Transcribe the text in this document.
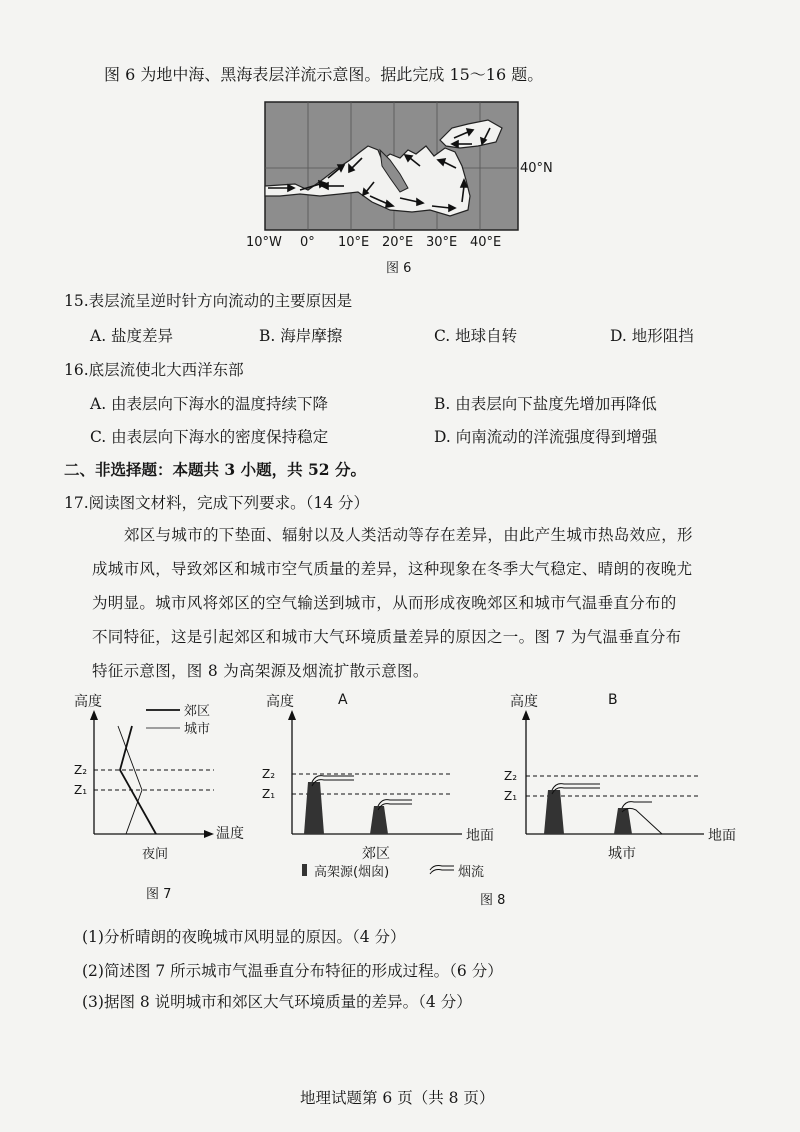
图 6 为地中海、黑海表层洋流示意图。据此完成 15～16 题。
40°N
10°W 0° 10°E 20°E 30°E 40°E
图 6
15.表层流呈逆时针方向流动的主要原因是
A. 盐度差异	B. 海岸摩擦	C. 地球自转	D. 地形阻挡
16.底层流使北大西洋东部
A. 由表层向下海水的温度持续下降	B. 由表层向下盐度先增加再降低
C. 由表层向下海水的密度保持稳定	D. 向南流动的洋流强度得到增强
二、非选择题：本题共 3 小题，共 52 分。
17.阅读图文材料，完成下列要求。（14 分）
郊区与城市的下垫面、辐射以及人类活动等存在差异，由此产生城市热岛效应，形
成城市风，导致郊区和城市空气质量的差异，这种现象在冬季大气稳定、晴朗的夜晚尤
为明显。城市风将郊区的空气输送到城市，从而形成夜晚郊区和城市气温垂直分布的
不同特征，这是引起郊区和城市大气环境质量差异的原因之一。图 7 为气温垂直分布
特征示意图，图 8 为高架源及烟流扩散示意图。
高度
温度
郊区
城市
Z₂
Z₁
夜间
图 7
高度	A
Z₂
Z₁
地面
郊区
高度	B
Z₂
Z₁
地面
城市
高架源(烟囱)	烟流
图 8
(1)分析晴朗的夜晚城市风明显的原因。（4 分）
(2)简述图 7 所示城市气温垂直分布特征的形成过程。（6 分）
(3)据图 8 说明城市和郊区大气环境质量的差异。（4 分）
地理试题第 6 页（共 8 页）
